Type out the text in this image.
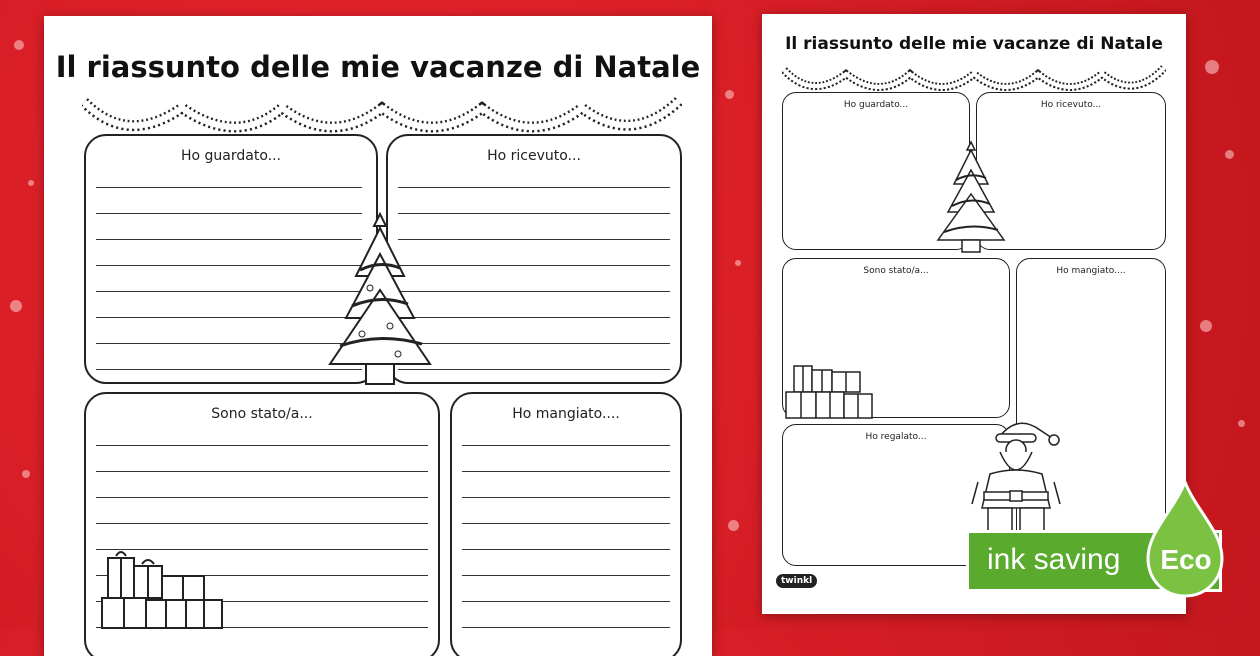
Il riassunto delle mie vacanze di Natale
Ho guardato...	Ho ricevuto...
Sono stato/a...	Ho mangiato....
Il riassunto delle mie vacanze di Natale
Ho guardato...	Ho ricevuto...
Sono stato/a...	Ho mangiato....
Ho regalato...
twinkl
ink saving Eco
